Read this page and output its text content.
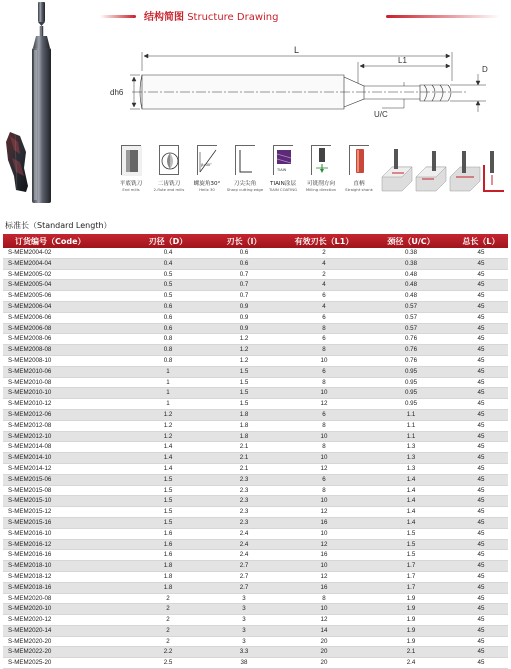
结构简图 Structure Drawing
L
L1
D
dh6
U/C
平底铣刀
End mills
二齿铣刀
2-flute end mills
β=30°
螺旋角30°
Helix 30
刀尖尖角
Sharp cutting edge
TIAIN
TIAIN涂层
TiAlN COATING
可铣削方向
Milling direction
直柄
Straight shank
标准长（Standard Length）
订货编号（Code）	刃径（D）	刃长（l）	有效刃长（L1）	颈径（U/C）	总长（L）
S-MEM2004-02	0.4	0.6	2	0.38	45
S-MEM2004-04	0.4	0.6	4	0.38	45
S-MEM2005-02	0.5	0.7	2	0.48	45
S-MEM2005-04	0.5	0.7	4	0.48	45
S-MEM2005-06	0.5	0.7	6	0.48	45
S-MEM2006-04	0.6	0.9	4	0.57	45
S-MEM2006-06	0.6	0.9	6	0.57	45
S-MEM2006-08	0.6	0.9	8	0.57	45
S-MEM2008-06	0.8	1.2	6	0.76	45
S-MEM2008-08	0.8	1.2	8	0.76	45
S-MEM2008-10	0.8	1.2	10	0.76	45
S-MEM2010-06	1	1.5	6	0.95	45
S-MEM2010-08	1	1.5	8	0.95	45
S-MEM2010-10	1	1.5	10	0.95	45
S-MEM2010-12	1	1.5	12	0.95	45
S-MEM2012-06	1.2	1.8	6	1.1	45
S-MEM2012-08	1.2	1.8	8	1.1	45
S-MEM2012-10	1.2	1.8	10	1.1	45
S-MEM2014-08	1.4	2.1	8	1.3	45
S-MEM2014-10	1.4	2.1	10	1.3	45
S-MEM2014-12	1.4	2.1	12	1.3	45
S-MEM2015-06	1.5	2.3	6	1.4	45
S-MEM2015-08	1.5	2.3	8	1.4	45
S-MEM2015-10	1.5	2.3	10	1.4	45
S-MEM2015-12	1.5	2.3	12	1.4	45
S-MEM2015-16	1.5	2.3	16	1.4	45
S-MEM2016-10	1.6	2.4	10	1.5	45
S-MEM2016-12	1.6	2.4	12	1.5	45
S-MEM2016-16	1.6	2.4	16	1.5	45
S-MEM2018-10	1.8	2.7	10	1.7	45
S-MEM2018-12	1.8	2.7	12	1.7	45
S-MEM2018-16	1.8	2.7	16	1.7	45
S-MEM2020-08	2	3	8	1.9	45
S-MEM2020-10	2	3	10	1.9	45
S-MEM2020-12	2	3	12	1.9	45
S-MEM2020-14	2	3	14	1.9	45
S-MEM2020-20	2	3	20	1.9	45
S-MEM2022-20	2.2	3.3	20	2.1	45
S-MEM2025-20	2.5	38	20	2.4	45
